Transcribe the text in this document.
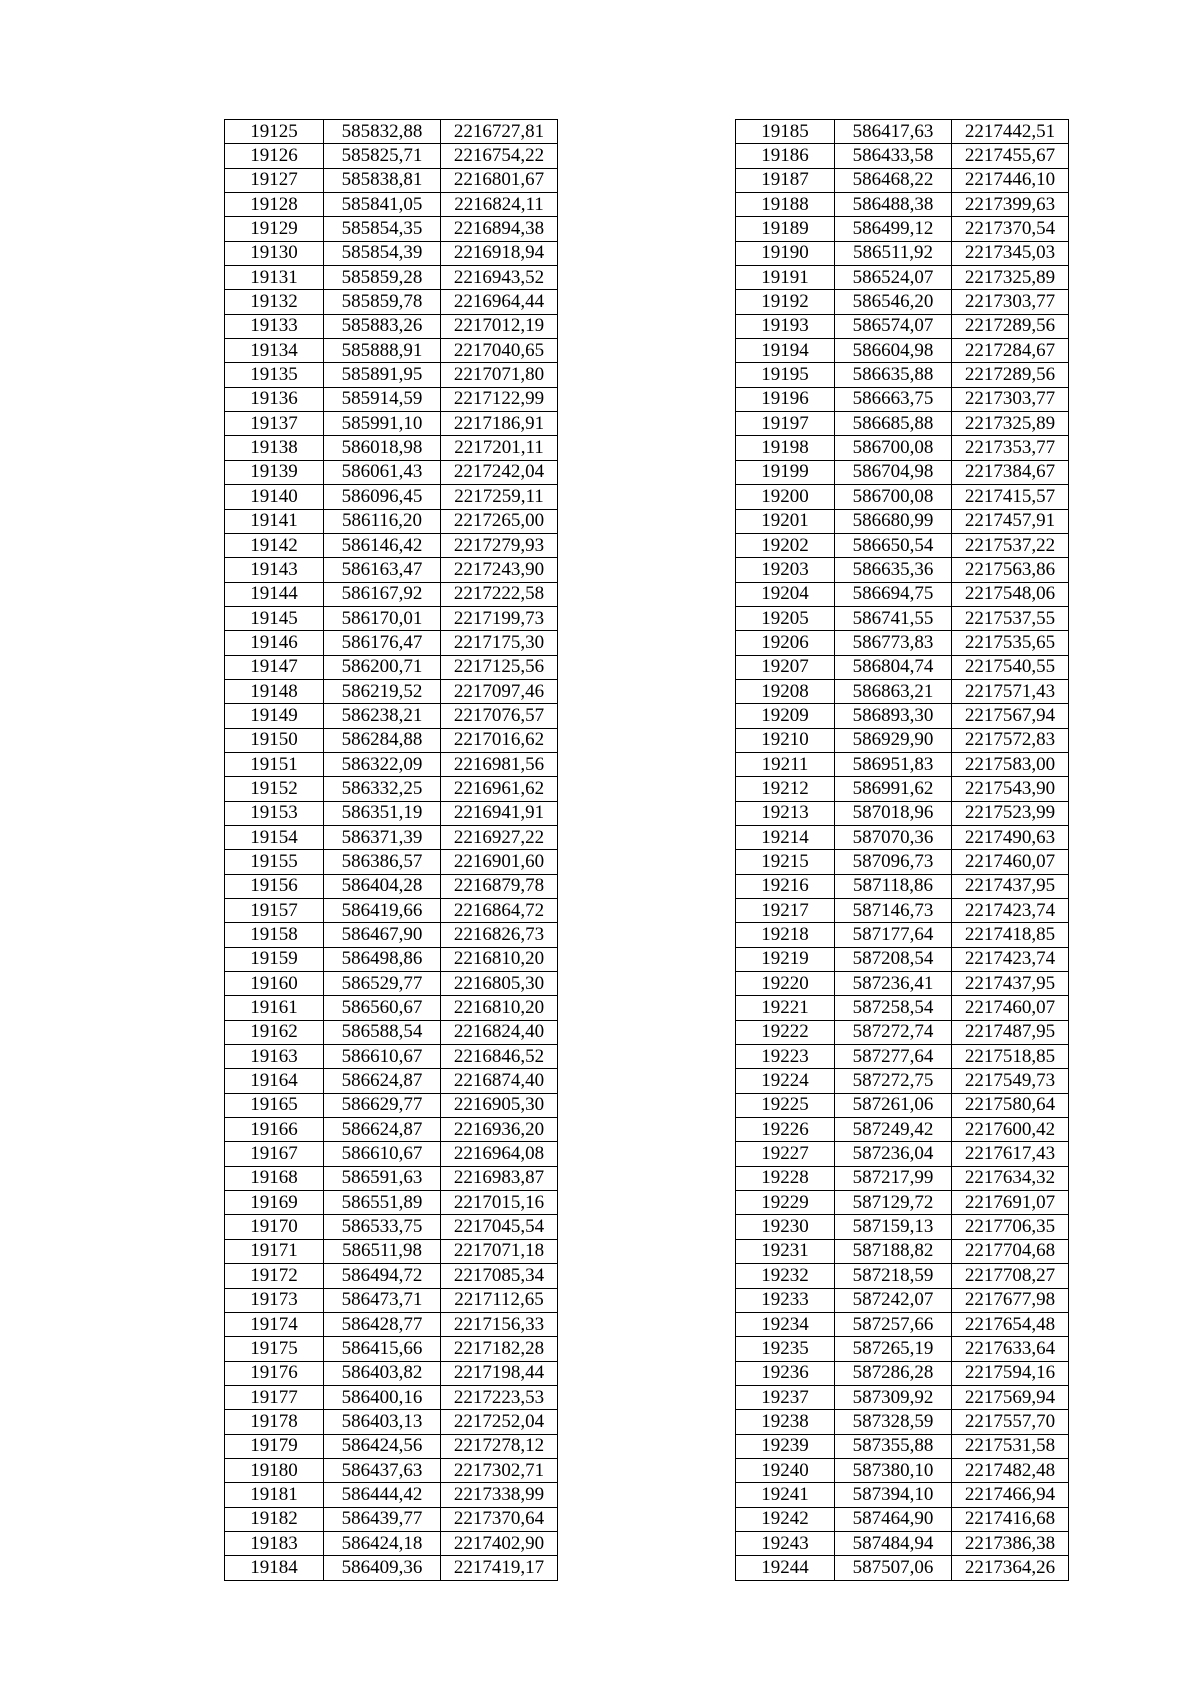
19125	585832,88	2216727,81
19126	585825,71	2216754,22
19127	585838,81	2216801,67
19128	585841,05	2216824,11
19129	585854,35	2216894,38
19130	585854,39	2216918,94
19131	585859,28	2216943,52
19132	585859,78	2216964,44
19133	585883,26	2217012,19
19134	585888,91	2217040,65
19135	585891,95	2217071,80
19136	585914,59	2217122,99
19137	585991,10	2217186,91
19138	586018,98	2217201,11
19139	586061,43	2217242,04
19140	586096,45	2217259,11
19141	586116,20	2217265,00
19142	586146,42	2217279,93
19143	586163,47	2217243,90
19144	586167,92	2217222,58
19145	586170,01	2217199,73
19146	586176,47	2217175,30
19147	586200,71	2217125,56
19148	586219,52	2217097,46
19149	586238,21	2217076,57
19150	586284,88	2217016,62
19151	586322,09	2216981,56
19152	586332,25	2216961,62
19153	586351,19	2216941,91
19154	586371,39	2216927,22
19155	586386,57	2216901,60
19156	586404,28	2216879,78
19157	586419,66	2216864,72
19158	586467,90	2216826,73
19159	586498,86	2216810,20
19160	586529,77	2216805,30
19161	586560,67	2216810,20
19162	586588,54	2216824,40
19163	586610,67	2216846,52
19164	586624,87	2216874,40
19165	586629,77	2216905,30
19166	586624,87	2216936,20
19167	586610,67	2216964,08
19168	586591,63	2216983,87
19169	586551,89	2217015,16
19170	586533,75	2217045,54
19171	586511,98	2217071,18
19172	586494,72	2217085,34
19173	586473,71	2217112,65
19174	586428,77	2217156,33
19175	586415,66	2217182,28
19176	586403,82	2217198,44
19177	586400,16	2217223,53
19178	586403,13	2217252,04
19179	586424,56	2217278,12
19180	586437,63	2217302,71
19181	586444,42	2217338,99
19182	586439,77	2217370,64
19183	586424,18	2217402,90
19184	586409,36	2217419,17
19185	586417,63	2217442,51
19186	586433,58	2217455,67
19187	586468,22	2217446,10
19188	586488,38	2217399,63
19189	586499,12	2217370,54
19190	586511,92	2217345,03
19191	586524,07	2217325,89
19192	586546,20	2217303,77
19193	586574,07	2217289,56
19194	586604,98	2217284,67
19195	586635,88	2217289,56
19196	586663,75	2217303,77
19197	586685,88	2217325,89
19198	586700,08	2217353,77
19199	586704,98	2217384,67
19200	586700,08	2217415,57
19201	586680,99	2217457,91
19202	586650,54	2217537,22
19203	586635,36	2217563,86
19204	586694,75	2217548,06
19205	586741,55	2217537,55
19206	586773,83	2217535,65
19207	586804,74	2217540,55
19208	586863,21	2217571,43
19209	586893,30	2217567,94
19210	586929,90	2217572,83
19211	586951,83	2217583,00
19212	586991,62	2217543,90
19213	587018,96	2217523,99
19214	587070,36	2217490,63
19215	587096,73	2217460,07
19216	587118,86	2217437,95
19217	587146,73	2217423,74
19218	587177,64	2217418,85
19219	587208,54	2217423,74
19220	587236,41	2217437,95
19221	587258,54	2217460,07
19222	587272,74	2217487,95
19223	587277,64	2217518,85
19224	587272,75	2217549,73
19225	587261,06	2217580,64
19226	587249,42	2217600,42
19227	587236,04	2217617,43
19228	587217,99	2217634,32
19229	587129,72	2217691,07
19230	587159,13	2217706,35
19231	587188,82	2217704,68
19232	587218,59	2217708,27
19233	587242,07	2217677,98
19234	587257,66	2217654,48
19235	587265,19	2217633,64
19236	587286,28	2217594,16
19237	587309,92	2217569,94
19238	587328,59	2217557,70
19239	587355,88	2217531,58
19240	587380,10	2217482,48
19241	587394,10	2217466,94
19242	587464,90	2217416,68
19243	587484,94	2217386,38
19244	587507,06	2217364,26
